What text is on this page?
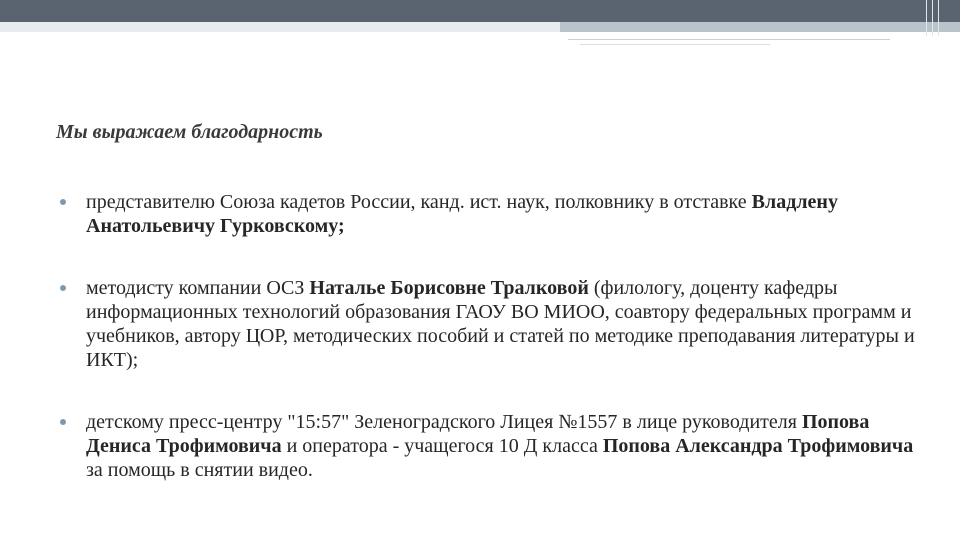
Мы выражаем благодарность
представителю Союза кадетов России, канд. ист. наук, полковнику в отставке Владлену Анатольевичу Гурковскому;
методисту компании ОСЗ Наталье Борисовне Тралковой (филологу, доценту кафедры информационных технологий образования ГАОУ ВО МИОО, соавтору федеральных программ и учебников, автору ЦОР, методических пособий и статей по методике преподавания литературы и ИКТ);
детскому пресс-центру "15:57" Зеленоградского Лицея №1557 в лице руководителя Попова Дениса Трофимовича и оператора - учащегося 10 Д класса Попова Александра Трофимовича за помощь в снятии видео.
